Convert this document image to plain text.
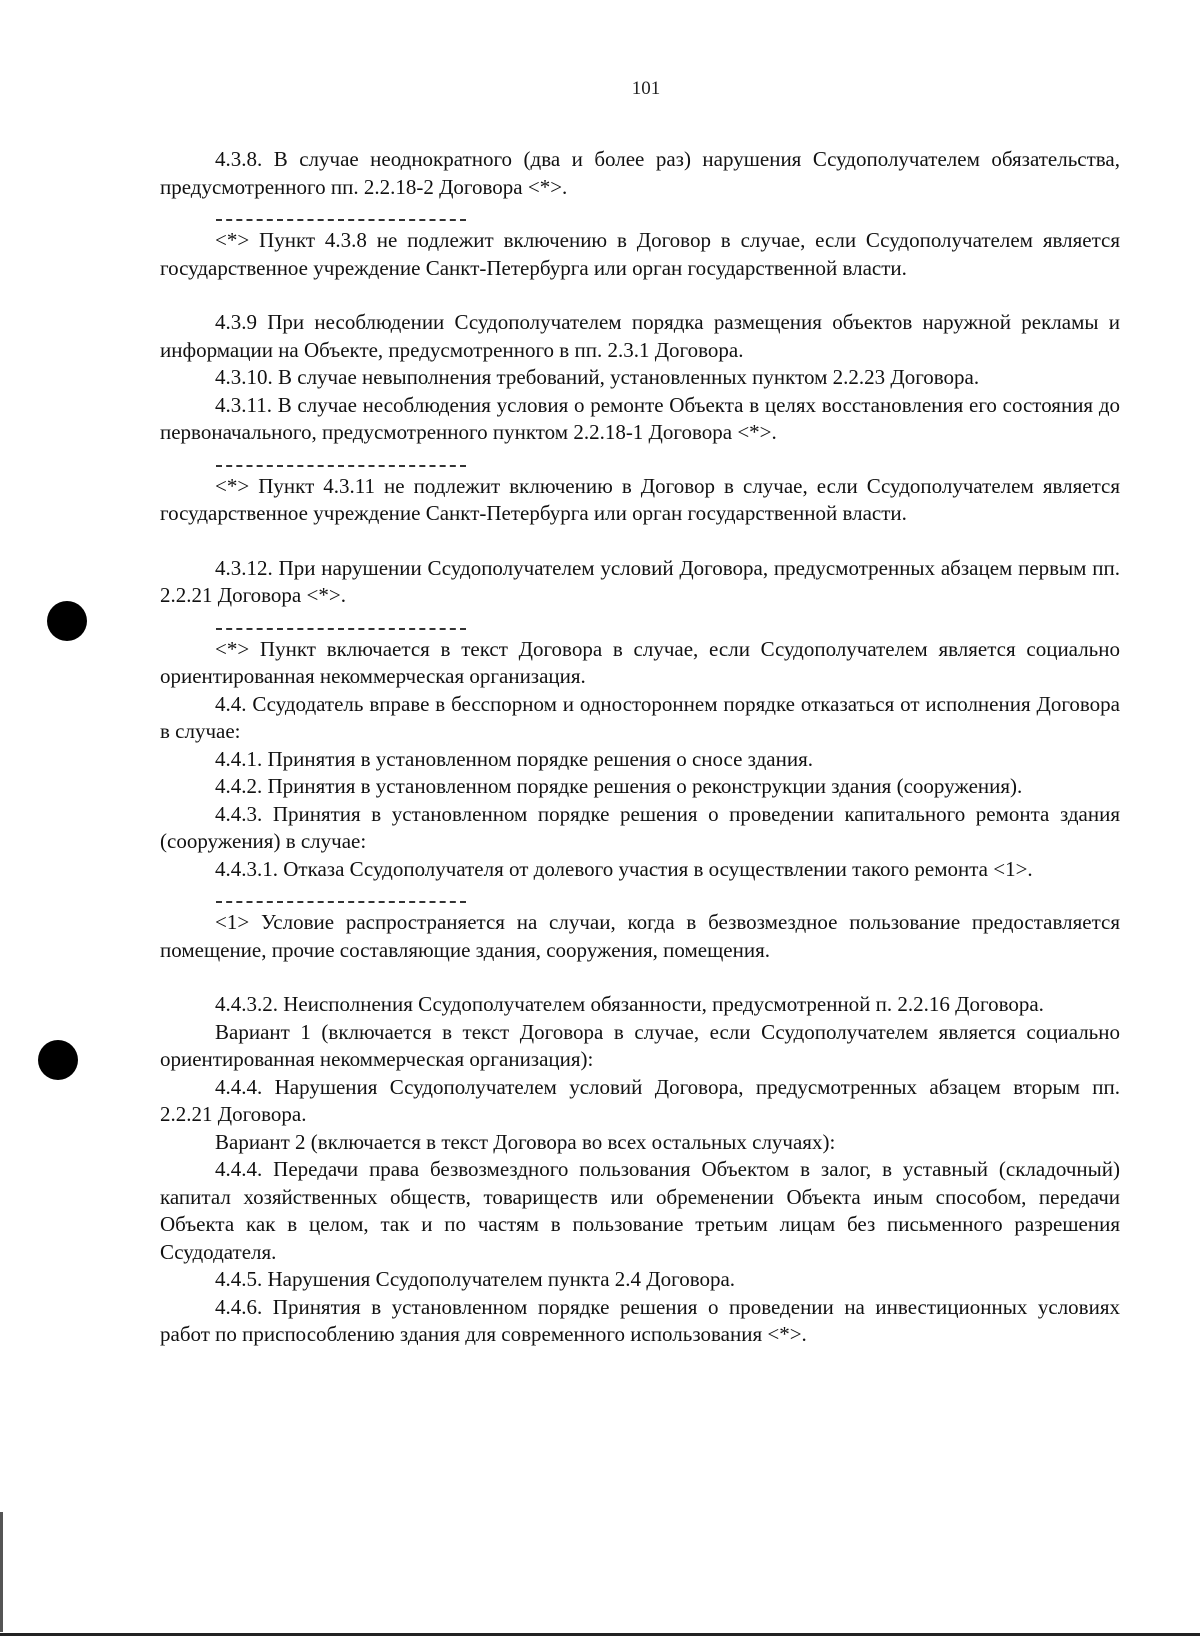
101

4.3.8. В случае неоднократного (два и более раз) нарушения Ссудополучателем обязательства, предусмотренного пп. 2.2.18-2 Договора <*>.

<*> Пункт 4.3.8 не подлежит включению в Договор в случае, если Ссудополучателем является государственное учреждение Санкт-Петербурга или орган государственной власти.

4.3.9 При несоблюдении Ссудополучателем порядка размещения объектов наружной рекламы и информации на Объекте, предусмотренного в пп. 2.3.1 Договора.

4.3.10. В случае невыполнения требований, установленных пунктом 2.2.23 Договора.

4.3.11. В случае несоблюдения условия о ремонте Объекта в целях восстановления его состояния до первоначального, предусмотренного пунктом 2.2.18-1 Договора <*>.

<*> Пункт 4.3.11 не подлежит включению в Договор в случае, если Ссудополучателем является государственное учреждение Санкт-Петербурга или орган государственной власти.

4.3.12. При нарушении Ссудополучателем условий Договора, предусмотренных абзацем первым пп. 2.2.21 Договора <*>.

<*> Пункт включается в текст Договора в случае, если Ссудополучателем является социально ориентированная некоммерческая организация.

4.4. Ссудодатель вправе в бесспорном и одностороннем порядке отказаться от исполнения Договора в случае:

4.4.1. Принятия в установленном порядке решения о сносе здания.

4.4.2. Принятия в установленном порядке решения о реконструкции здания (сооружения).

4.4.3. Принятия в установленном порядке решения о проведении капитального ремонта здания (сооружения) в случае:

4.4.3.1. Отказа Ссудополучателя от долевого участия в осуществлении такого ремонта <1>.

<1> Условие распространяется на случаи, когда в безвозмездное пользование предоставляется помещение, прочие составляющие здания, сооружения, помещения.

4.4.3.2. Неисполнения Ссудополучателем обязанности, предусмотренной п. 2.2.16 Договора.

Вариант 1 (включается в текст Договора в случае, если Ссудополучателем является социально ориентированная некоммерческая организация):

4.4.4. Нарушения Ссудополучателем условий Договора, предусмотренных абзацем вторым пп. 2.2.21 Договора.

Вариант 2 (включается в текст Договора во всех остальных случаях):

4.4.4. Передачи права безвозмездного пользования Объектом в залог, в уставный (складочный) капитал хозяйственных обществ, товариществ или обременении Объекта иным способом, передачи Объекта как в целом, так и по частям в пользование третьим лицам без письменного разрешения Ссудодателя.

4.4.5. Нарушения Ссудополучателем пункта 2.4 Договора.

4.4.6. Принятия в установленном порядке решения о проведении на инвестиционных условиях работ по приспособлению здания для современного использования <*>.
